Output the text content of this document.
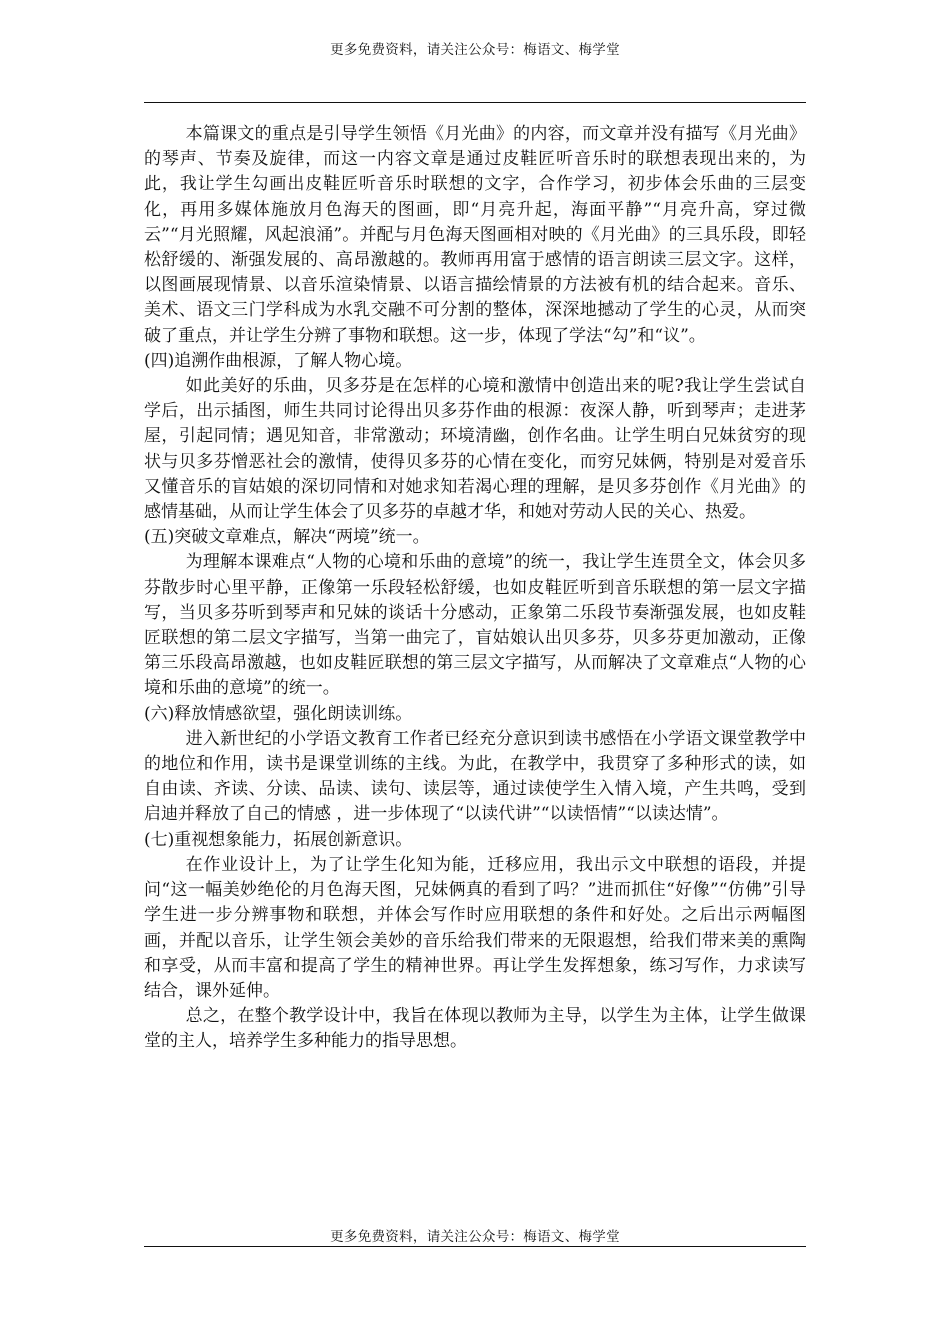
更多免费资料，请关注公众号：梅语文、梅学堂

本篇课文的重点是引导学生领悟《月光曲》的内容，而文章并没有描写《月光曲》的琴声、节奏及旋律，而这一内容文章是通过皮鞋匠听音乐时的联想表现出来的，为此，我让学生勾画出皮鞋匠听音乐时联想的文字，合作学习，初步体会乐曲的三层变化，再用多媒体施放月色海天的图画，即“月亮升起，海面平静”“月亮升高，穿过微云”“月光照耀，风起浪涌”。并配与月色海天图画相对映的《月光曲》的三具乐段，即轻松舒缓的、渐强发展的、高昂激越的。教师再用富于感情的语言朗读三层文字。这样，以图画展现情景、以音乐渲染情景、以语言描绘情景的方法被有机的结合起来。音乐、美术、语文三门学科成为水乳交融不可分割的整体，深深地撼动了学生的心灵，从而突破了重点，并让学生分辨了事物和联想。这一步，体现了学法“勾”和“议”。

(四)追溯作曲根源，了解人物心境。

如此美好的乐曲，贝多芬是在怎样的心境和激情中创造出来的呢?我让学生尝试自学后，出示插图，师生共同讨论得出贝多芬作曲的根源：夜深人静，听到琴声；走进茅屋，引起同情；遇见知音，非常激动；环境清幽，创作名曲。让学生明白兄妹贫穷的现状与贝多芬憎恶社会的激情，使得贝多芬的心情在变化，而穷兄妹俩，特别是对爱音乐又懂音乐的盲姑娘的深切同情和对她求知若渴心理的理解，是贝多芬创作《月光曲》的感情基础，从而让学生体会了贝多芬的卓越才华，和她对劳动人民的关心、热爱。

(五)突破文章难点，解决“两境”统一。

为理解本课难点“人物的心境和乐曲的意境”的统一，我让学生连贯全文，体会贝多芬散步时心里平静，正像第一乐段轻松舒缓，也如皮鞋匠听到音乐联想的第一层文字描写，当贝多芬听到琴声和兄妹的谈话十分感动，正象第二乐段节奏渐强发展，也如皮鞋匠联想的第二层文字描写，当第一曲完了，盲姑娘认出贝多芬，贝多芬更加激动，正像第三乐段高昂激越，也如皮鞋匠联想的第三层文字描写，从而解决了文章难点“人物的心境和乐曲的意境”的统一。

(六)释放情感欲望，强化朗读训练。

进入新世纪的小学语文教育工作者已经充分意识到读书感悟在小学语文课堂教学中的地位和作用，读书是课堂训练的主线。为此，在教学中，我贯穿了多种形式的读，如自由读、齐读、分读、品读、读句、读层等，通过读使学生入情入境，产生共鸣，受到启迪并释放了自己的情感 ，进一步体现了“以读代讲”“以读悟情”“以读达情”。

(七)重视想象能力，拓展创新意识。

在作业设计上，为了让学生化知为能，迁移应用，我出示文中联想的语段，并提问“这一幅美妙绝伦的月色海天图，兄妹俩真的看到了吗？”进而抓住“好像”“仿佛”引导学生进一步分辨事物和联想，并体会写作时应用联想的条件和好处。之后出示两幅图画，并配以音乐，让学生领会美妙的音乐给我们带来的无限遐想，给我们带来美的熏陶和享受，从而丰富和提高了学生的精神世界。再让学生发挥想象，练习写作，力求读写结合，课外延伸。

总之，在整个教学设计中，我旨在体现以教师为主导，以学生为主体，让学生做课堂的主人，培养学生多种能力的指导思想。

更多免费资料，请关注公众号：梅语文、梅学堂
